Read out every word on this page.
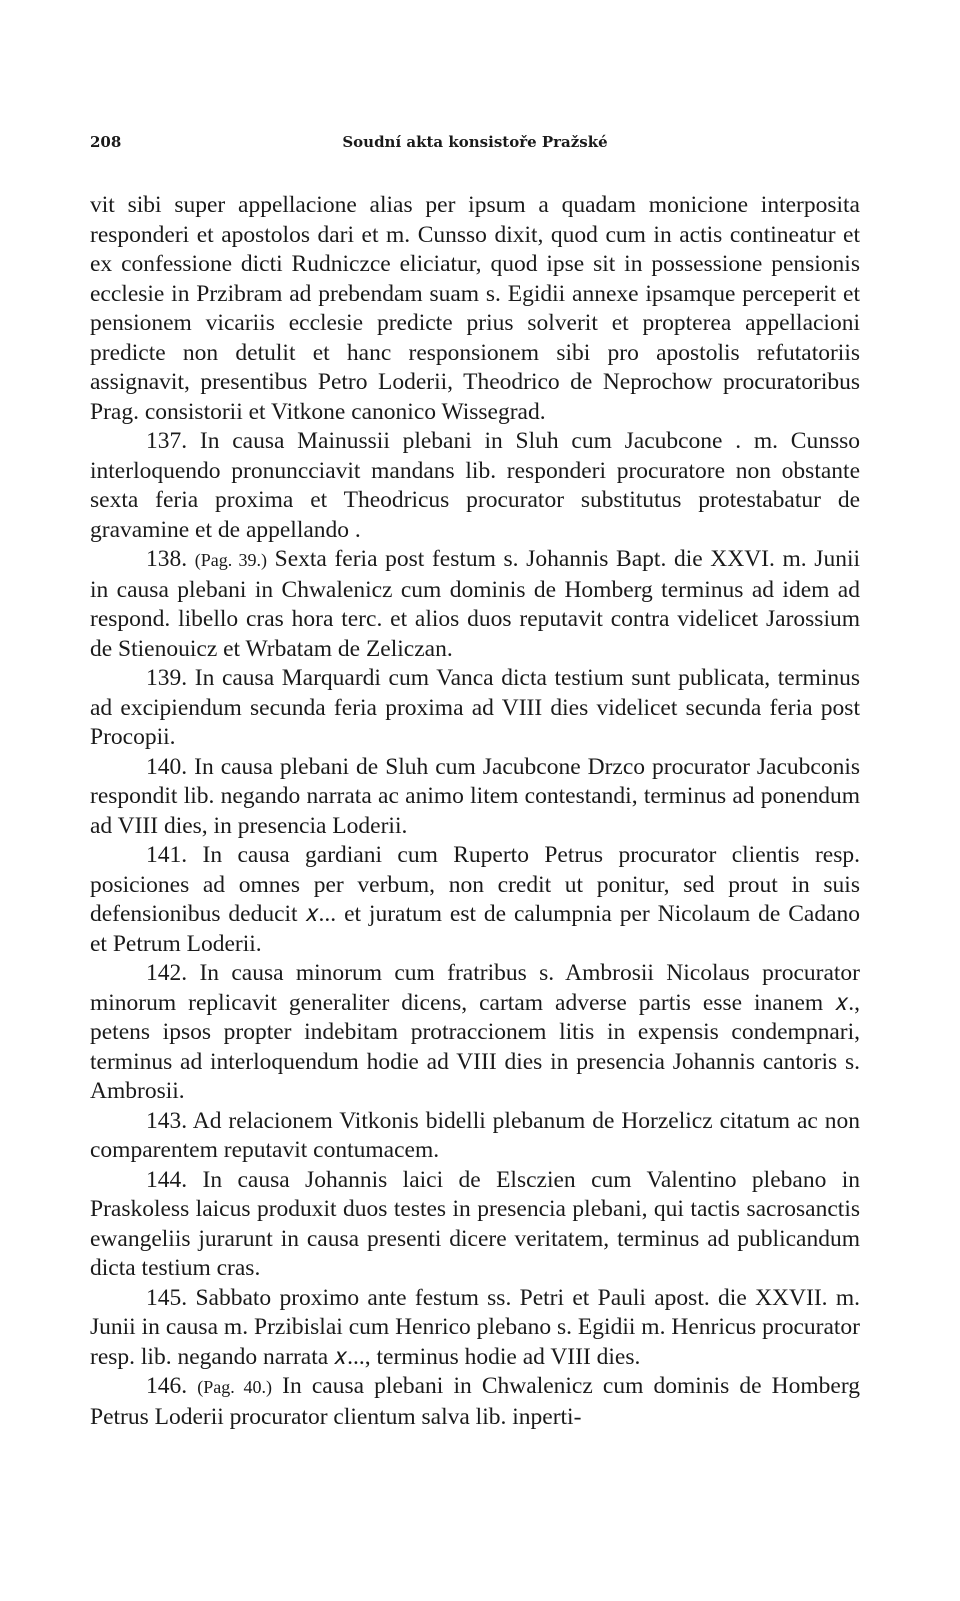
208	Soudní akta konsistoře Pražské

vit sibi super appellacione alias per ipsum a quadam monicione interposita responderi et apostolos dari et m. Cunsso dixit, quod cum in actis contineatur et ex confessione dicti Rudniczce eliciatur, quod ipse sit in possessione pensionis ecclesie in Przibram ad prebendam suam s. Egidii annexe ipsamque perceperit et pensionem vicariis ecclesie predicte prius solverit et propterea appellacioni predicte non detulit et hanc responsionem sibi pro apostolis refutatoriis assignavit, presentibus Petro Loderii, Theodrico de Neprochow procuratoribus Prag. consistorii et Vitkone canonico Wissegrad.

137. In causa Mainussii plebani in Sluh cum Jacubcone . m. Cunsso interloquendo pronuncciavit mandans lib. responderi procuratore non obstante sexta feria proxima et Theodricus procurator substitutus protestabatur de gravamine et de appellando .

138. (Pag. 39.) Sexta feria post festum s. Johannis Bapt. die XXVI. m. Junii in causa plebani in Chwalenicz cum dominis de Homberg terminus ad idem ad respond. libello cras hora terc. et alios duos reputavit contra videlicet Jarossium de Stienouicz et Wrbatam de Zeliczan.

139. In causa Marquardi cum Vanca dicta testium sunt publicata, terminus ad excipiendum secunda feria proxima ad VIII dies videlicet secunda feria post Procopii.

140. In causa plebani de Sluh cum Jacubcone Drzco procurator Jacubconis respondit lib. negando narrata ac animo litem contestandi, terminus ad ponendum ad VIII dies, in presencia Loderii.

141. In causa gardiani cum Ruperto Petrus procurator clientis resp. posiciones ad omnes per verbum, non credit ut ponitur, sed prout in suis defensionibus deducit 𝑥... et juratum est de calumpnia per Nicolaum de Cadano et Petrum Loderii.

142. In causa minorum cum fratribus s. Ambrosii Nicolaus procurator minorum replicavit generaliter dicens, cartam adverse partis esse inanem 𝑥., petens ipsos propter indebitam protraccionem litis in expensis condempnari, terminus ad interloquendum hodie ad VIII dies in presencia Johannis cantoris s. Ambrosii.

143. Ad relacionem Vitkonis bidelli plebanum de Horzelicz citatum ac non comparentem reputavit contumacem.

144. In causa Johannis laici de Elsczien cum Valentino plebano in Praskoless laicus produxit duos testes in presencia plebani, qui tactis sacrosanctis ewangeliis jurarunt in causa presenti dicere veritatem, terminus ad publicandum dicta testium cras.

145. Sabbato proximo ante festum ss. Petri et Pauli apost. die XXVII. m. Junii in causa m. Przibislai cum Henrico plebano s. Egidii m. Henricus procurator resp. lib. negando narrata 𝑥..., terminus hodie ad VIII dies.

146. (Pag. 40.) In causa plebani in Chwalenicz cum dominis de Homberg Petrus Loderii procurator clientum salva lib. inperti-
